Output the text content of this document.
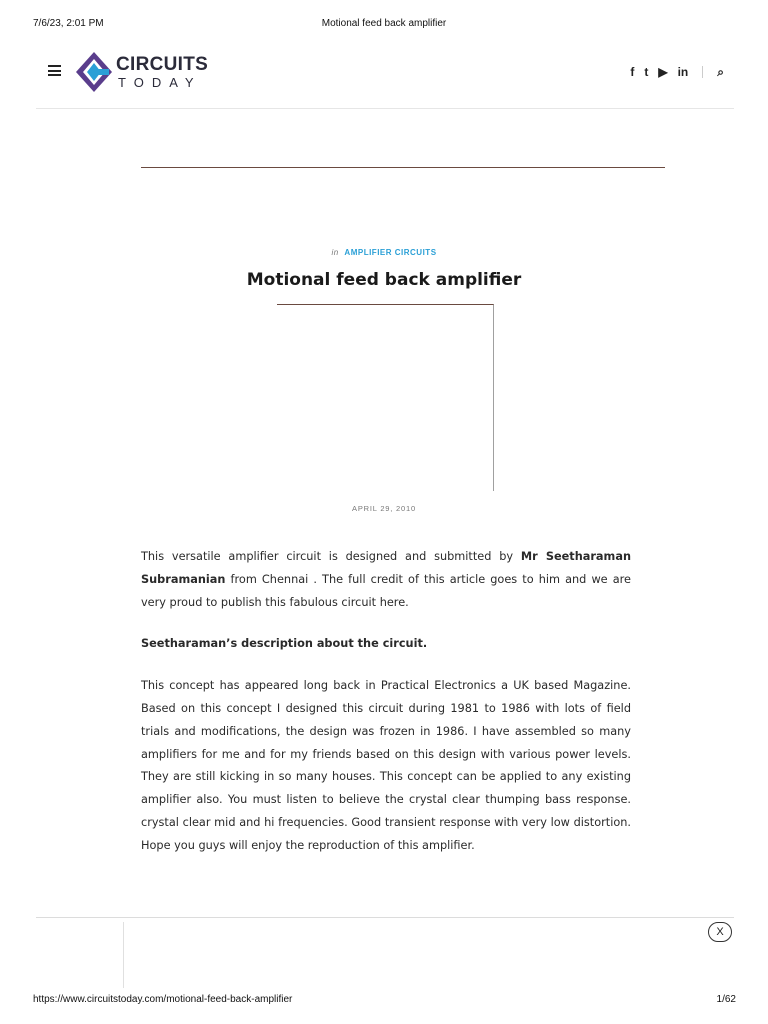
7/6/23, 2:01 PM	Motional feed back amplifier
CIRCUITS
TODAY
f t ▶ in ⌕
in AMPLIFIER CIRCUITS
Motional feed back amplifier
APRIL 29, 2010

This versatile amplifier circuit is designed and submitted by Mr Seetharaman Subramanian from Chennai . The full credit of this article goes to him and we are very proud to publish this fabulous circuit here.

Seetharaman’s description about the circuit.

This concept has appeared long back in Practical Electronics a UK based Magazine. Based on this concept I designed this circuit during 1981 to 1986 with lots of field trials and modifications, the design was frozen in 1986. I have assembled so many amplifiers for me and for my friends based on this design with various power levels. They are still kicking in so many houses. This concept can be applied to any existing amplifier also. You must listen to believe the crystal clear thumping bass response. crystal clear mid and hi frequencies. Good transient response with very low distortion. Hope you guys will enjoy the reproduction of this amplifier.

X
https://www.circuitstoday.com/motional-feed-back-amplifier	1/62
